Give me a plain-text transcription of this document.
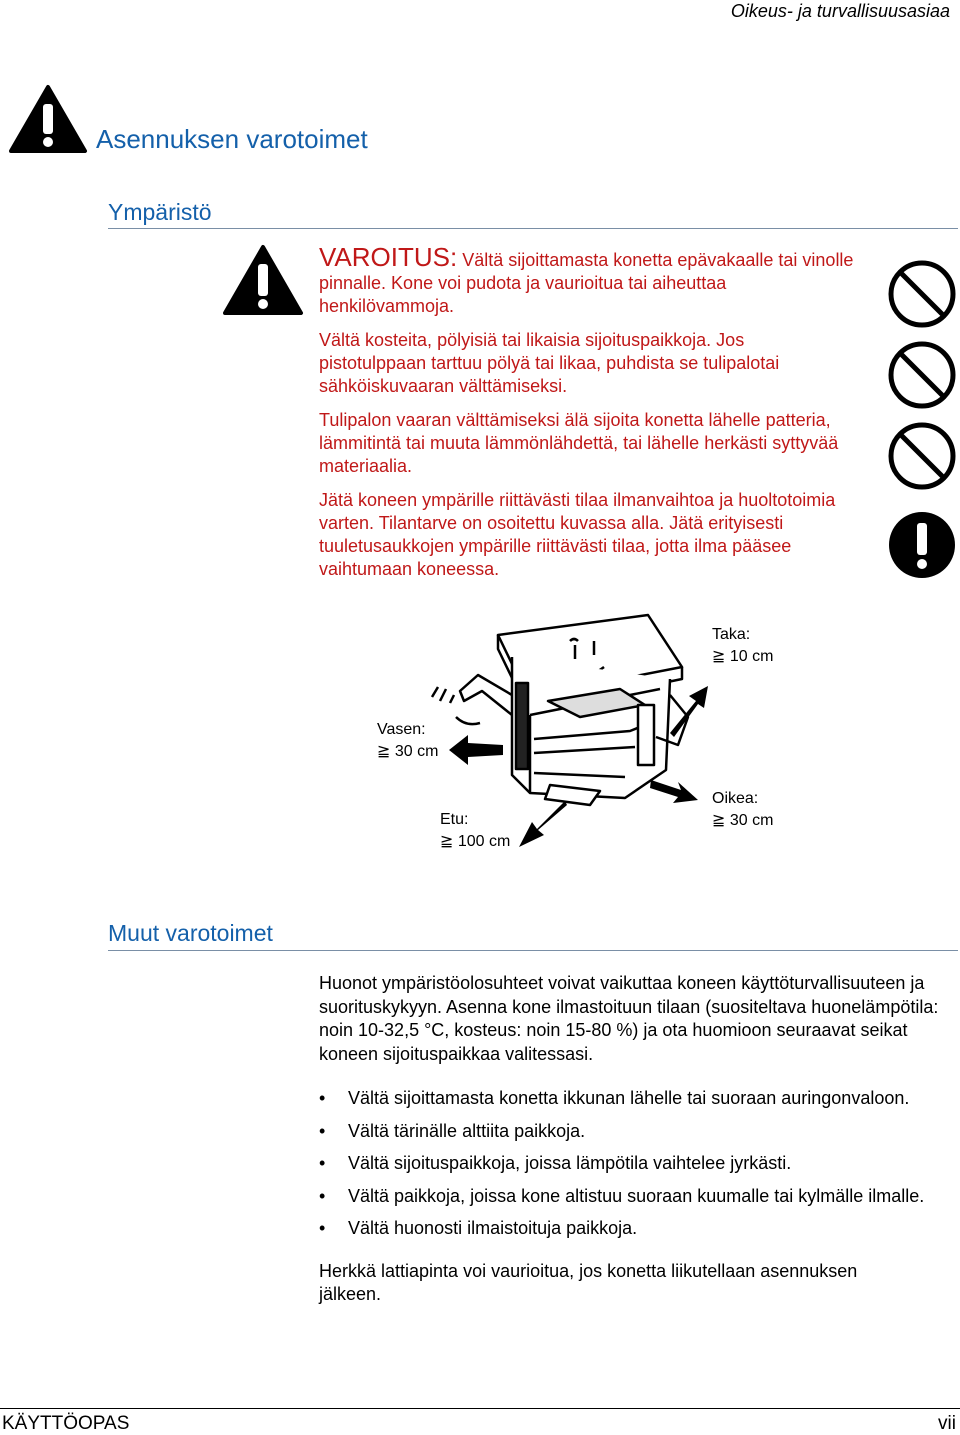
Oikeus- ja turvallisuusasiaa
Asennuksen varotoimet
Ympäristö

VAROITUS: Vältä sijoittamasta konetta epävakaalle tai vinolle pinnalle. Kone voi pudota ja vaurioitua tai aiheuttaa henkilövammoja.

Vältä kosteita, pölyisiä tai likaisia sijoituspaikkoja. Jos pistotulppaan tarttuu pölyä tai likaa, puhdista se tulipalotai sähköiskuvaaran välttämiseksi.

Tulipalon vaaran välttämiseksi älä sijoita konetta lähelle patteria, lämmitintä tai muuta lämmönlähdettä, tai lähelle herkästi syttyvää materiaalia.

Jätä koneen ympärille riittävästi tilaa ilmanvaihtoa ja huoltotoimia varten. Tilantarve on osoitettu kuvassa alla. Jätä erityisesti tuuletusaukkojen ympärille riittävästi tilaa, jotta ilma pääsee vaihtumaan koneessa.

Taka:
≧ 10 cm
Vasen:
≧ 30 cm
Oikea:
≧ 30 cm
Etu:
≧ 100 cm
Muut varotoimet

Huonot ympäristöolosuhteet voivat vaikuttaa koneen käyttöturvallisuuteen ja suorituskykyyn. Asenna kone ilmastoituun tilaan (suositeltava huonelämpötila: noin 10-32,5 °C, kosteus: noin 15-80 %) ja ota huomioon seuraavat seikat koneen sijoituspaikkaa valitessasi.

• Vältä sijoittamasta konetta ikkunan lähelle tai suoraan auringonvaloon.
• Vältä tärinälle alttiita paikkoja.
• Vältä sijoituspaikkoja, joissa lämpötila vaihtelee jyrkästi.
• Vältä paikkoja, joissa kone altistuu suoraan kuumalle tai kylmälle ilmalle.
• Vältä huonosti ilmaistoituja paikkoja.

Herkkä lattiapinta voi vaurioitua, jos konetta liikutellaan asennuksen jälkeen.

KÄYTTÖOPAS	vii
